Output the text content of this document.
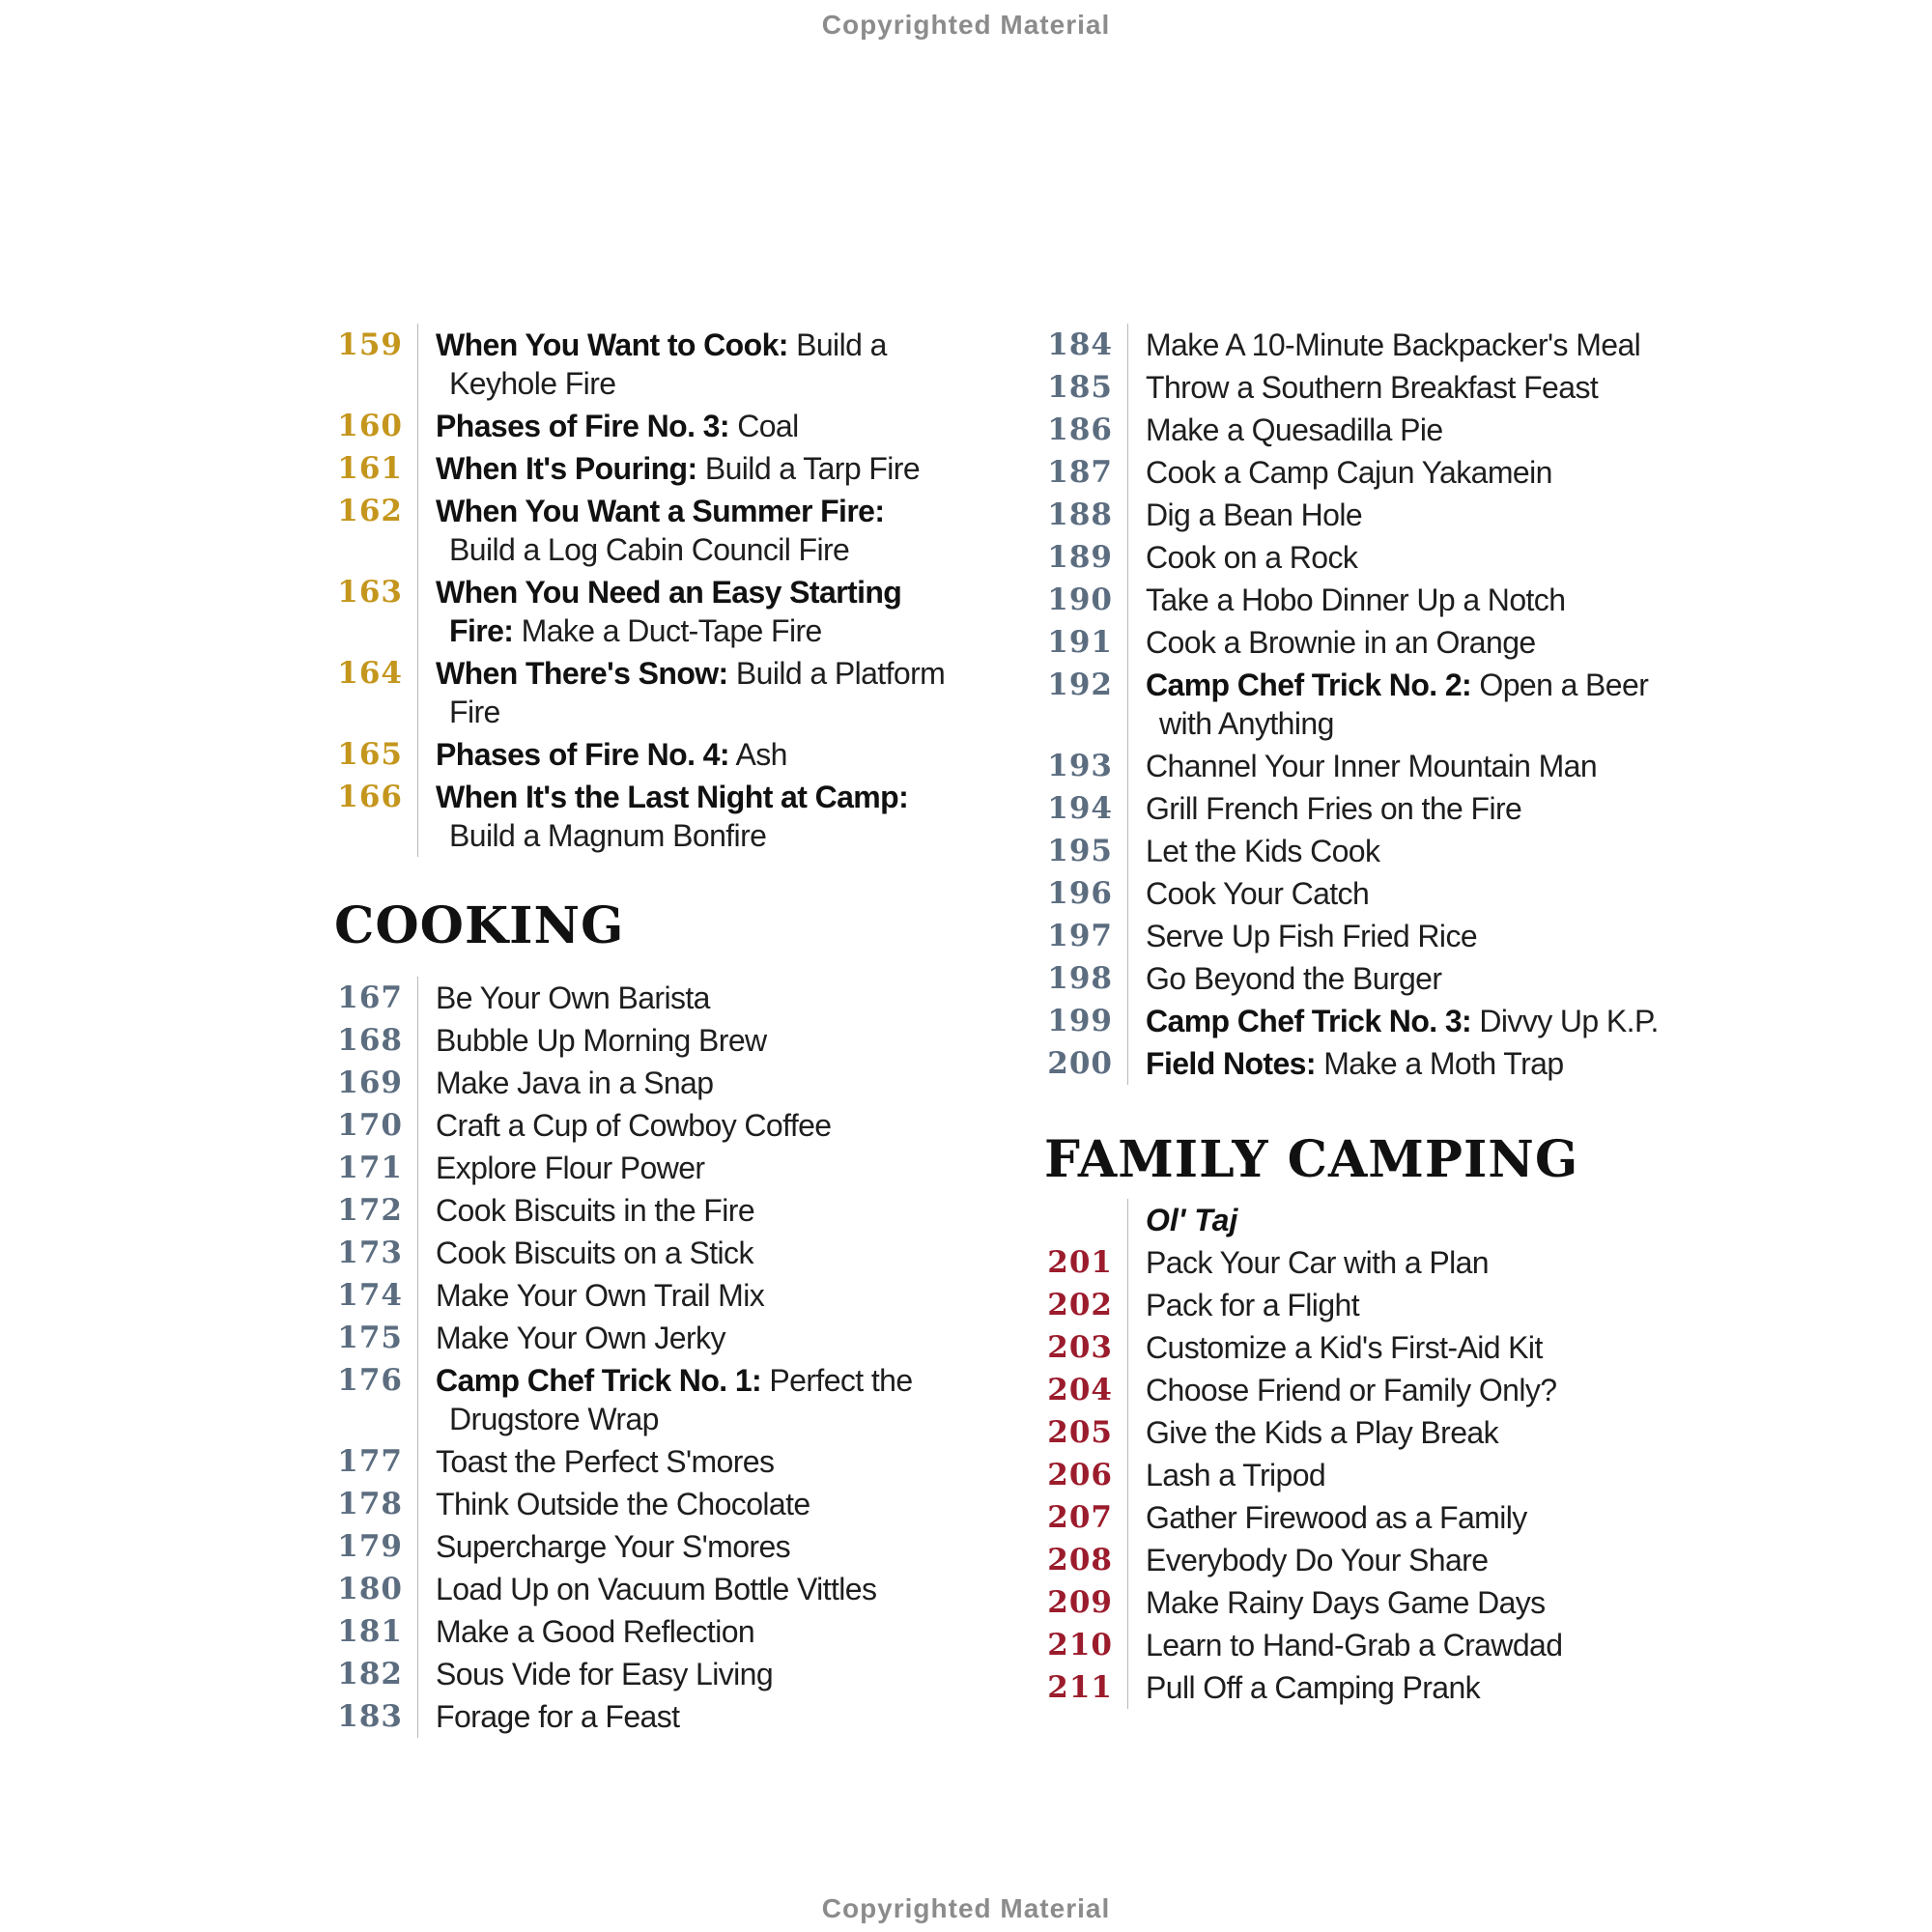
Copyrighted Material
159	When You Want to Cook: Build a Keyhole Fire
160	Phases of Fire No. 3: Coal
161	When It's Pouring: Build a Tarp Fire
162	When You Want a Summer Fire: Build a Log Cabin Council Fire
163	When You Need an Easy Starting Fire: Make a Duct-Tape Fire
164	When There's Snow: Build a Platform Fire
165	Phases of Fire No. 4: Ash
166	When It's the Last Night at Camp: Build a Magnum Bonfire
COOKING
167	Be Your Own Barista
168	Bubble Up Morning Brew
169	Make Java in a Snap
170	Craft a Cup of Cowboy Coffee
171	Explore Flour Power
172	Cook Biscuits in the Fire
173	Cook Biscuits on a Stick
174	Make Your Own Trail Mix
175	Make Your Own Jerky
176	Camp Chef Trick No. 1: Perfect the Drugstore Wrap
177	Toast the Perfect S'mores
178	Think Outside the Chocolate
179	Supercharge Your S'mores
180	Load Up on Vacuum Bottle Vittles
181	Make a Good Reflection
182	Sous Vide for Easy Living
183	Forage for a Feast
184	Make A 10-Minute Backpacker's Meal
185	Throw a Southern Breakfast Feast
186	Make a Quesadilla Pie
187	Cook a Camp Cajun Yakamein
188	Dig a Bean Hole
189	Cook on a Rock
190	Take a Hobo Dinner Up a Notch
191	Cook a Brownie in an Orange
192	Camp Chef Trick No. 2: Open a Beer with Anything
193	Channel Your Inner Mountain Man
194	Grill French Fries on the Fire
195	Let the Kids Cook
196	Cook Your Catch
197	Serve Up Fish Fried Rice
198	Go Beyond the Burger
199	Camp Chef Trick No. 3: Divvy Up K.P.
200	Field Notes: Make a Moth Trap
FAMILY CAMPING
Ol' Taj
201	Pack Your Car with a Plan
202	Pack for a Flight
203	Customize a Kid's First-Aid Kit
204	Choose Friend or Family Only?
205	Give the Kids a Play Break
206	Lash a Tripod
207	Gather Firewood as a Family
208	Everybody Do Your Share
209	Make Rainy Days Game Days
210	Learn to Hand-Grab a Crawdad
211	Pull Off a Camping Prank
Copyrighted Material
